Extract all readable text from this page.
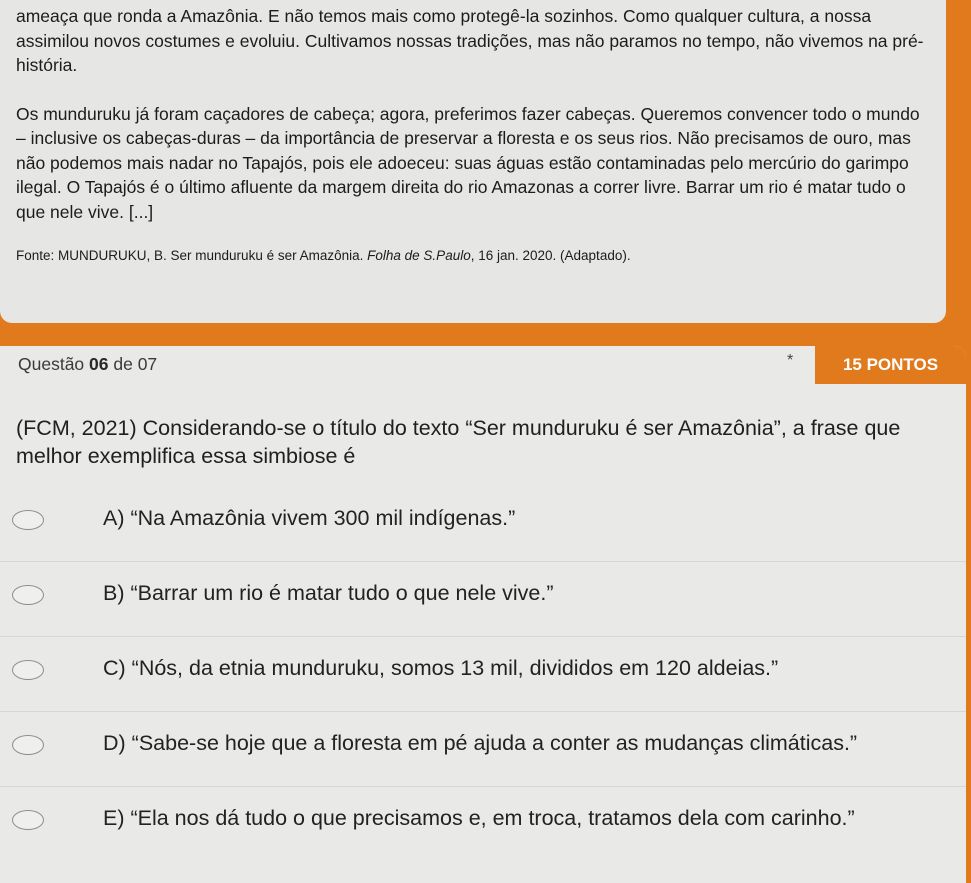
ameaça que ronda a Amazônia. E não temos mais como protegê-la sozinhos. Como qualquer cultura, a nossa assimilou novos costumes e evoluiu. Cultivamos nossas tradições, mas não paramos no tempo, não vivemos na pré-história.

Os munduruku já foram caçadores de cabeça; agora, preferimos fazer cabeças. Queremos convencer todo o mundo – inclusive os cabeças-duras – da importância de preservar a floresta e os seus rios. Não precisamos de ouro, mas não podemos mais nadar no Tapajós, pois ele adoeceu: suas águas estão contaminadas pelo mercúrio do garimpo ilegal. O Tapajós é o último afluente da margem direita do rio Amazonas a correr livre. Barrar um rio é matar tudo o que nele vive. [...]

Fonte: MUNDURUKU, B. Ser munduruku é ser Amazônia. Folha de S.Paulo, 16 jan. 2020. (Adaptado).

Questão 06 de 07	*	15 PONTOS

(FCM, 2021) Considerando-se o título do texto “Ser munduruku é ser Amazônia”, a frase que melhor exemplifica essa simbiose é

A) “Na Amazônia vivem 300 mil indígenas.”
B) “Barrar um rio é matar tudo o que nele vive.”
C) “Nós, da etnia munduruku, somos 13 mil, divididos em 120 aldeias.”
D) “Sabe-se hoje que a floresta em pé ajuda a conter as mudanças climáticas.”
E) “Ela nos dá tudo o que precisamos e, em troca, tratamos dela com carinho.”
